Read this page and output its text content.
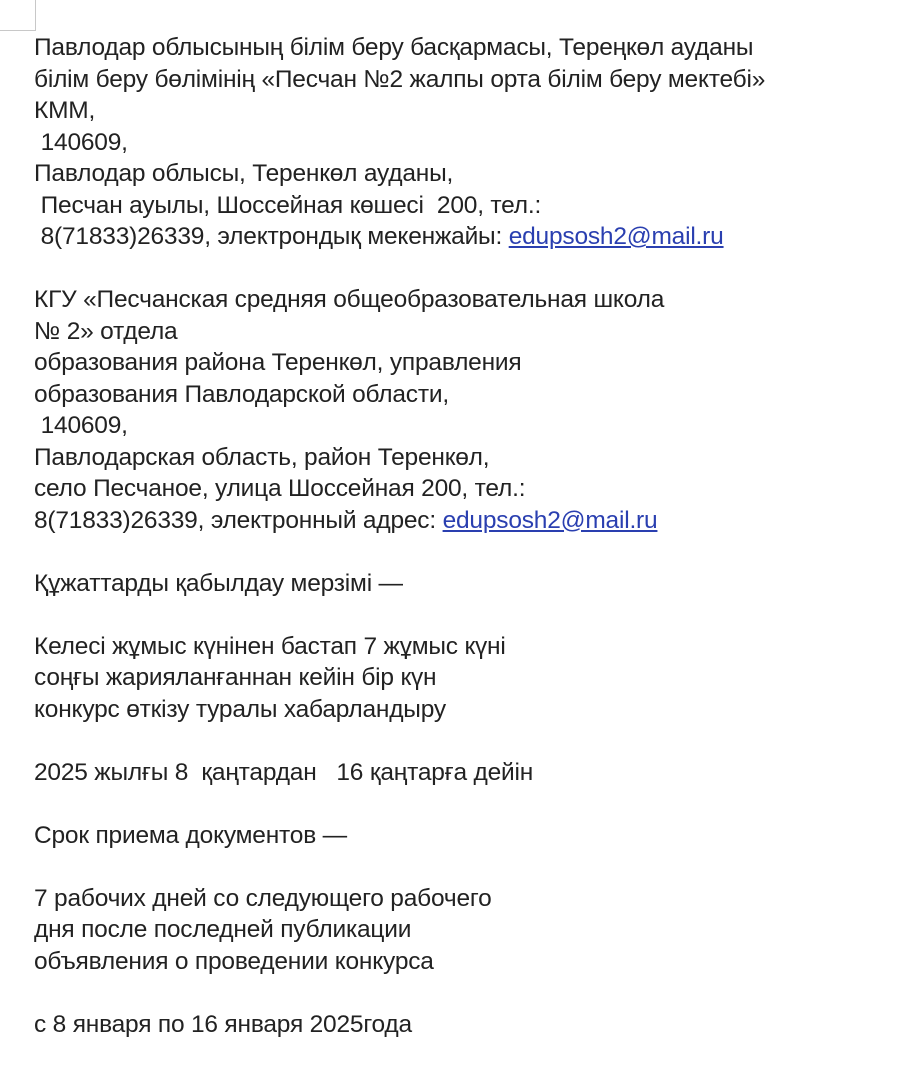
Павлодар облысының білім беру басқармасы, Тереңкөл ауданы
білім беру бөлімінің «Песчан №2 жалпы орта білім беру мектебі»
КММ,
140609,
Павлодар облысы, Теренкөл ауданы,
Песчан ауылы, Шоссейная көшесі  200, тел.:
8(71833)26339, электрондық мекенжайы: edupsosh2@mail.ru
КГУ «Песчанская средняя общеобразовательная школа
№ 2» отдела
образования района Теренкөл, управления
образования Павлодарской области,
140609,
Павлодарская область, район Теренкөл,
село Песчаное, улица Шоссейная 200, тел.:
8(71833)26339, электронный адрес: edupsosh2@mail.ru
Құжаттарды қабылдау мерзімі —
Келесі жұмыс күнінен бастап 7 жұмыс күні
соңғы жарияланғаннан кейін бір күн
конкурс өткізу туралы хабарландыру
2025 жылғы 8  қаңтардан   16 қаңтарға дейін
Срок приема документов —
7 рабочих дней со следующего рабочего
дня после последней публикации
объявления о проведении конкурса
с 8 января по 16 января 2025года
